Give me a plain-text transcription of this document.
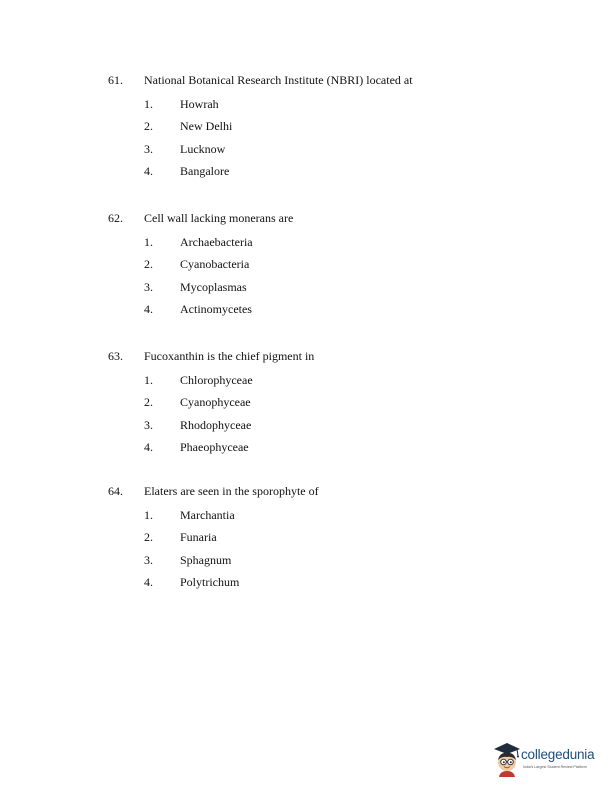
61. National Botanical Research Institute (NBRI) located at
1. Howrah
2. New Delhi
3. Lucknow
4. Bangalore
62. Cell wall lacking monerans are
1. Archaebacteria
2. Cyanobacteria
3. Mycoplasmas
4. Actinomycetes
63. Fucoxanthin is the chief pigment in
1. Chlorophyceae
2. Cyanophyceae
3. Rhodophyceae
4. Phaeophyceae
64. Elaters are seen in the sporophyte of
1. Marchantia
2. Funaria
3. Sphagnum
4. Polytrichum
collegedunia
India's Largest Student Review Platform
